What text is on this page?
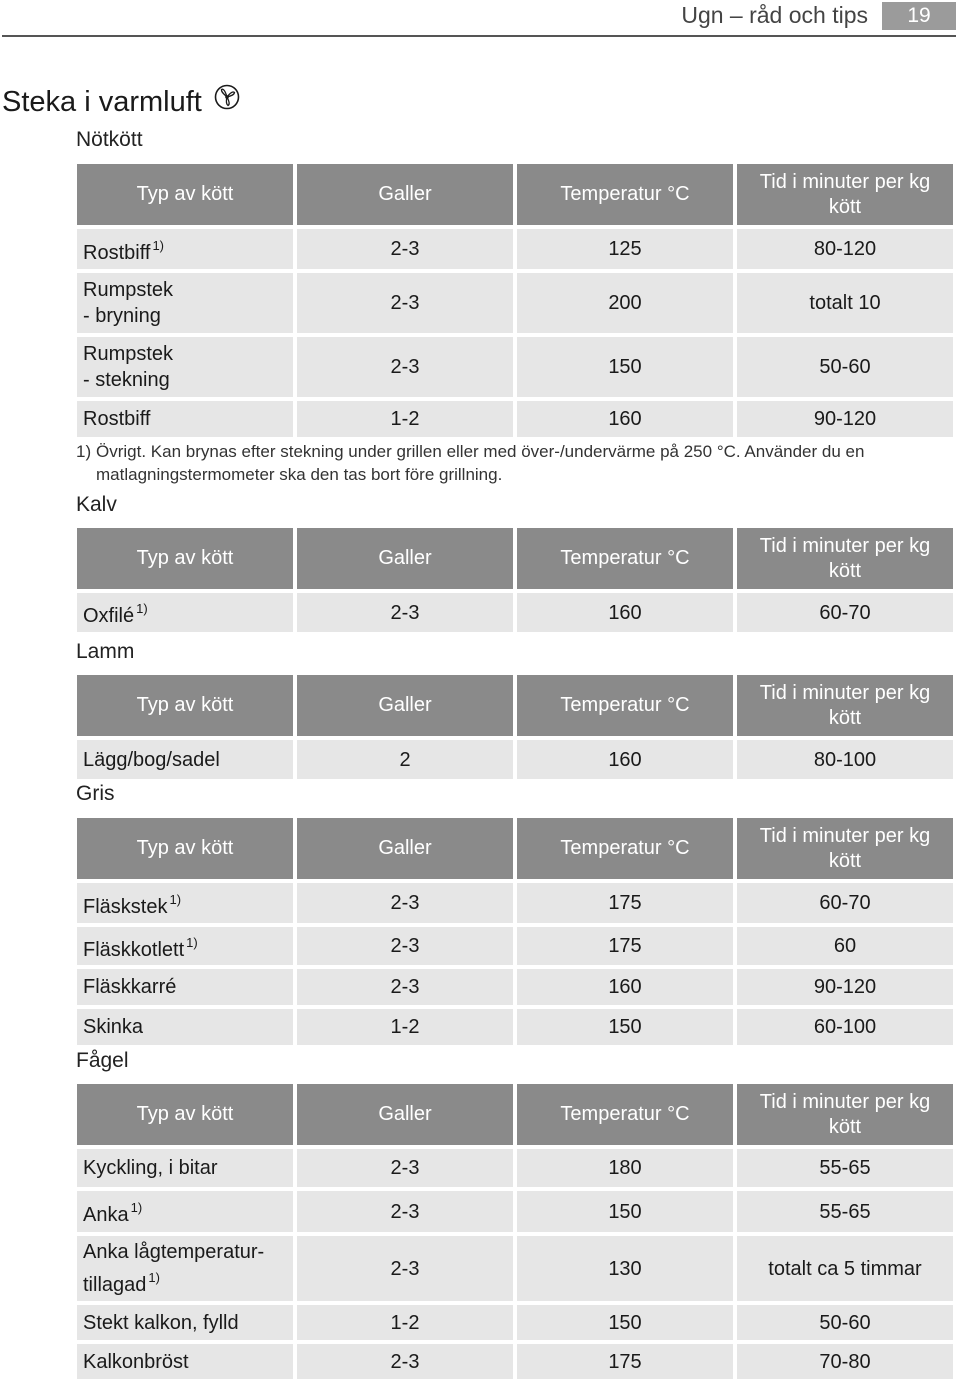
Ugn – råd och tips	19
Steka i varmluft
Nötkött
Typ av kött	Galler	Temperatur °C	Tid i minuter per kg kött
Rostbiff $^{1)}$	2-3	125	80-120
Rumpstek
- bryning	2-3	200	totalt 10
Rumpstek
- stekning	2-3	150	50-60
Rostbiff	1-2	160	90-120
1) Övrigt. Kan brynas efter stekning under grillen eller med över-/undervärme på 250 °C. Använder du en
matlagningstermometer ska den tas bort före grillning.
Kalv
Typ av kött	Galler	Temperatur °C	Tid i minuter per kg kött
Oxfilé $^{1)}$	2-3	160	60-70
Lamm
Typ av kött	Galler	Temperatur °C	Tid i minuter per kg kött
Lägg/bog/sadel	2	160	80-100
Gris
Typ av kött	Galler	Temperatur °C	Tid i minuter per kg kött
Fläskstek $^{1)}$	2-3	175	60-70
Fläskkotlett $^{1)}$	2-3	175	60
Fläskkarré	2-3	160	90-120
Skinka	1-2	150	60-100
Fågel
Typ av kött	Galler	Temperatur °C	Tid i minuter per kg kött
Kyckling, i bitar	2-3	180	55-65
Anka $^{1)}$	2-3	150	55-65
Anka lågtemperatur-
tillagad $^{1)}$	2-3	130	totalt ca 5 timmar
Stekt kalkon, fylld	1-2	150	50-60
Kalkonbröst	2-3	175	70-80
